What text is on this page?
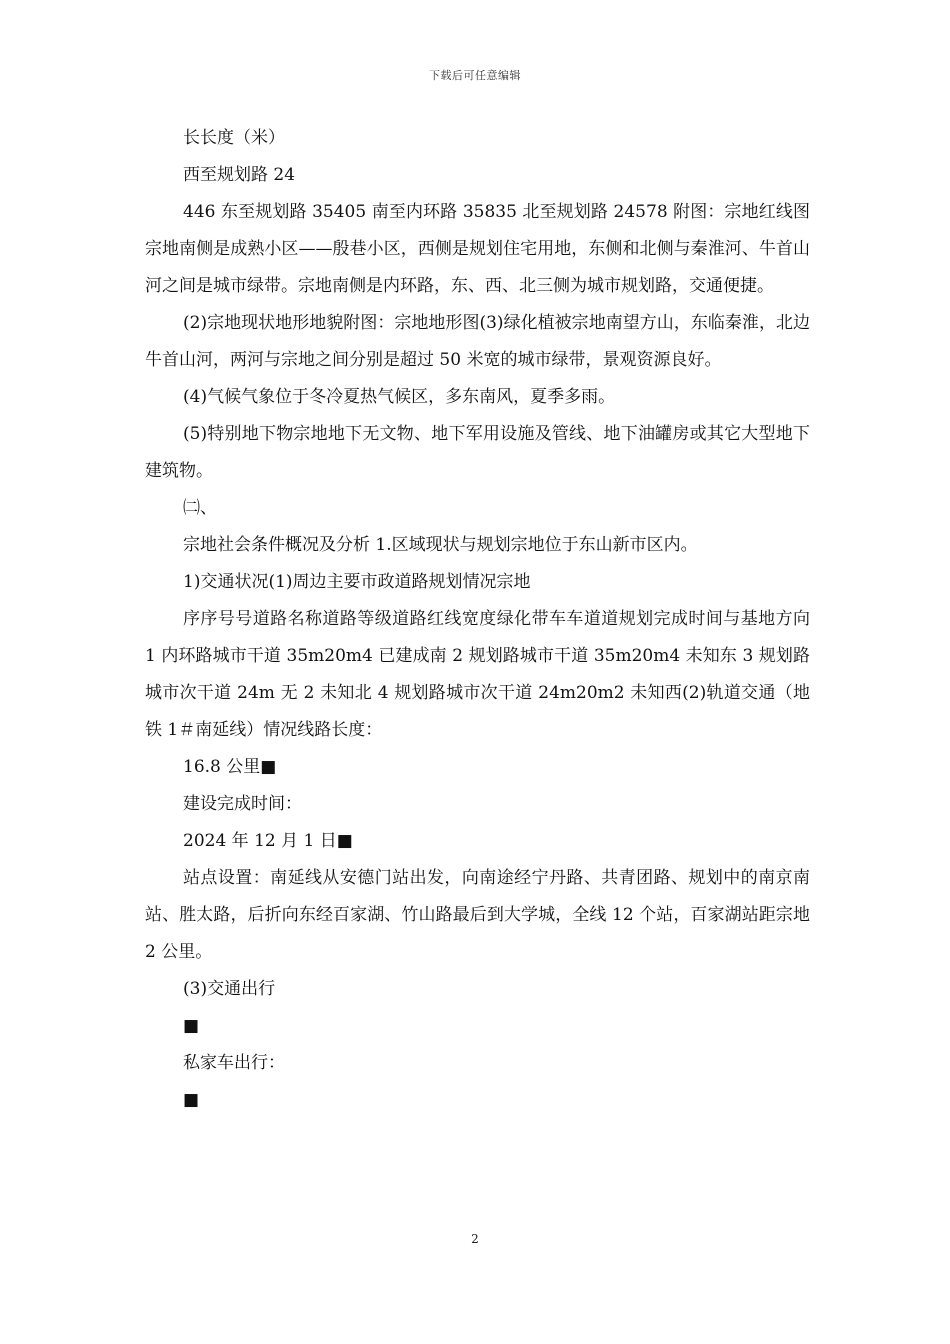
下载后可任意编辑

长长度（米）

西至规划路 24

446 东至规划路 35405 南至内环路 35835 北至规划路 24578 附图：宗地红线图宗地南侧是成熟小区——殷巷小区，西侧是规划住宅用地，东侧和北侧与秦淮河、牛首山河之间是城市绿带。宗地南侧是内环路，东、西、北三侧为城市规划路，交通便捷。

(2)宗地现状地形地貌附图：宗地地形图(3)绿化植被宗地南望方山，东临秦淮，北边牛首山河，两河与宗地之间分别是超过 50 米宽的城市绿带，景观资源良好。

(4)气候气象位于冬冷夏热气候区，多东南风，夏季多雨。

(5)特别地下物宗地地下无文物、地下军用设施及管线、地下油罐房或其它大型地下建筑物。

㈡、

宗地社会条件概况及分析 1.区域现状与规划宗地位于东山新市区内。

1)交通状况(1)周边主要市政道路规划情况宗地

序序号号道路名称道路等级道路红线宽度绿化带车车道道规划完成时间与基地方向 1 内环路城市干道 35m20m4 已建成南 2 规划路城市干道 35m20m4 未知东 3 规划路城市次干道 24m 无 2 未知北 4 规划路城市次干道 24m20m2 未知西(2)轨道交通（地铁 1＃南延线）情况线路长度：

16.8 公里■

建设完成时间：

2024 年 12 月 1 日■

站点设置：南延线从安德门站出发，向南途经宁丹路、共青团路、规划中的南京南站、胜太路，后折向东经百家湖、竹山路最后到大学城，全线 12 个站，百家湖站距宗地 2 公里。

(3)交通出行

■

私家车出行：

■

2
